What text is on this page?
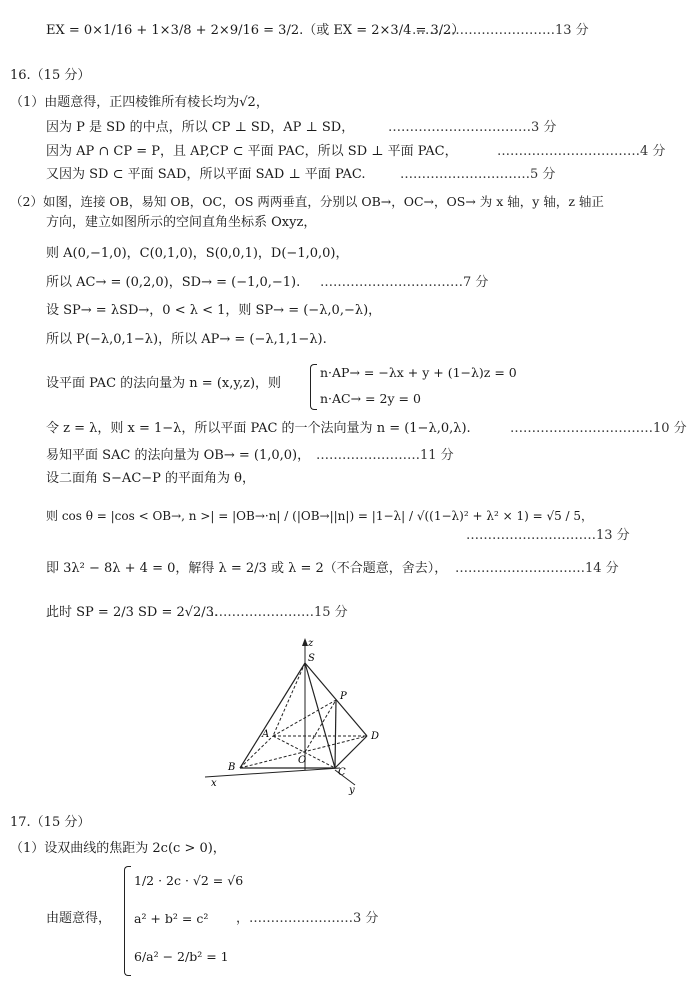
EX = 0×1/16 + 1×3/8 + 2×9/16 = 3/2.（或 EX = 2×3/4 = 3/2）
……………………………13 分
16.（15 分）
（1）由题意得，正四棱锥所有棱长均为√2，
因为 P 是 SD 的中点，所以 CP ⊥ SD，AP ⊥ SD，	……………………………3 分
因为 AP ∩ CP = P，且 AP,CP ⊂ 平面 PAC，所以 SD ⊥ 平面 PAC，	……………………………4 分
又因为 SD ⊂ 平面 SAD，所以平面 SAD ⊥ 平面 PAC.	…………………………5 分
（2）如图，连接 OB，易知 OB，OC，OS 两两垂直，分别以 OB→，OC→，OS→ 为 x 轴，y 轴，z 轴正
方向，建立如图所示的空间直角坐标系 Oxyz，
则 A(0,−1,0)，C(0,1,0)，S(0,0,1)，D(−1,0,0)，
所以 AC→ = (0,2,0)，SD→ = (−1,0,−1). ……………………………7 分
设 SP→ = λSD→，0 < λ < 1，则 SP→ = (−λ,0,−λ)，
所以 P(−λ,0,1−λ)，所以 AP→ = (−λ,1,1−λ).
设平面 PAC 的法向量为 n = (x,y,z)，则
n·AP→ = −λx + y + (1−λ)z = 0
n·AC→ = 2y = 0
令 z = λ，则 x = 1−λ，所以平面 PAC 的一个法向量为 n = (1−λ,0,λ).	……………………………10 分
易知平面 SAC 的法向量为 OB→ = (1,0,0)， ……………………11 分
设二面角 S−AC−P 的平面角为 θ，
则 cos θ = |cos < OB→, n >| = |OB→·n| / (|OB→||n|) = |1−λ| / √((1−λ)² + λ² × 1) = √5 / 5，
…………………………13 分
即 3λ² − 8λ + 4 = 0，解得 λ = 2/3 或 λ = 2（不合题意，舍去）， …………………………14 分
此时 SP = 2/3 SD = 2√2/3.
……………………15 分
z
S
P
A	D
O
B	C
x
y
17.（15 分）
（1）设双曲线的焦距为 2c(c > 0)，
由题意得，
1/2 · 2c · √2 = √6
a² + b² = c²
6/a² − 2/b² = 1
，……………………3 分
